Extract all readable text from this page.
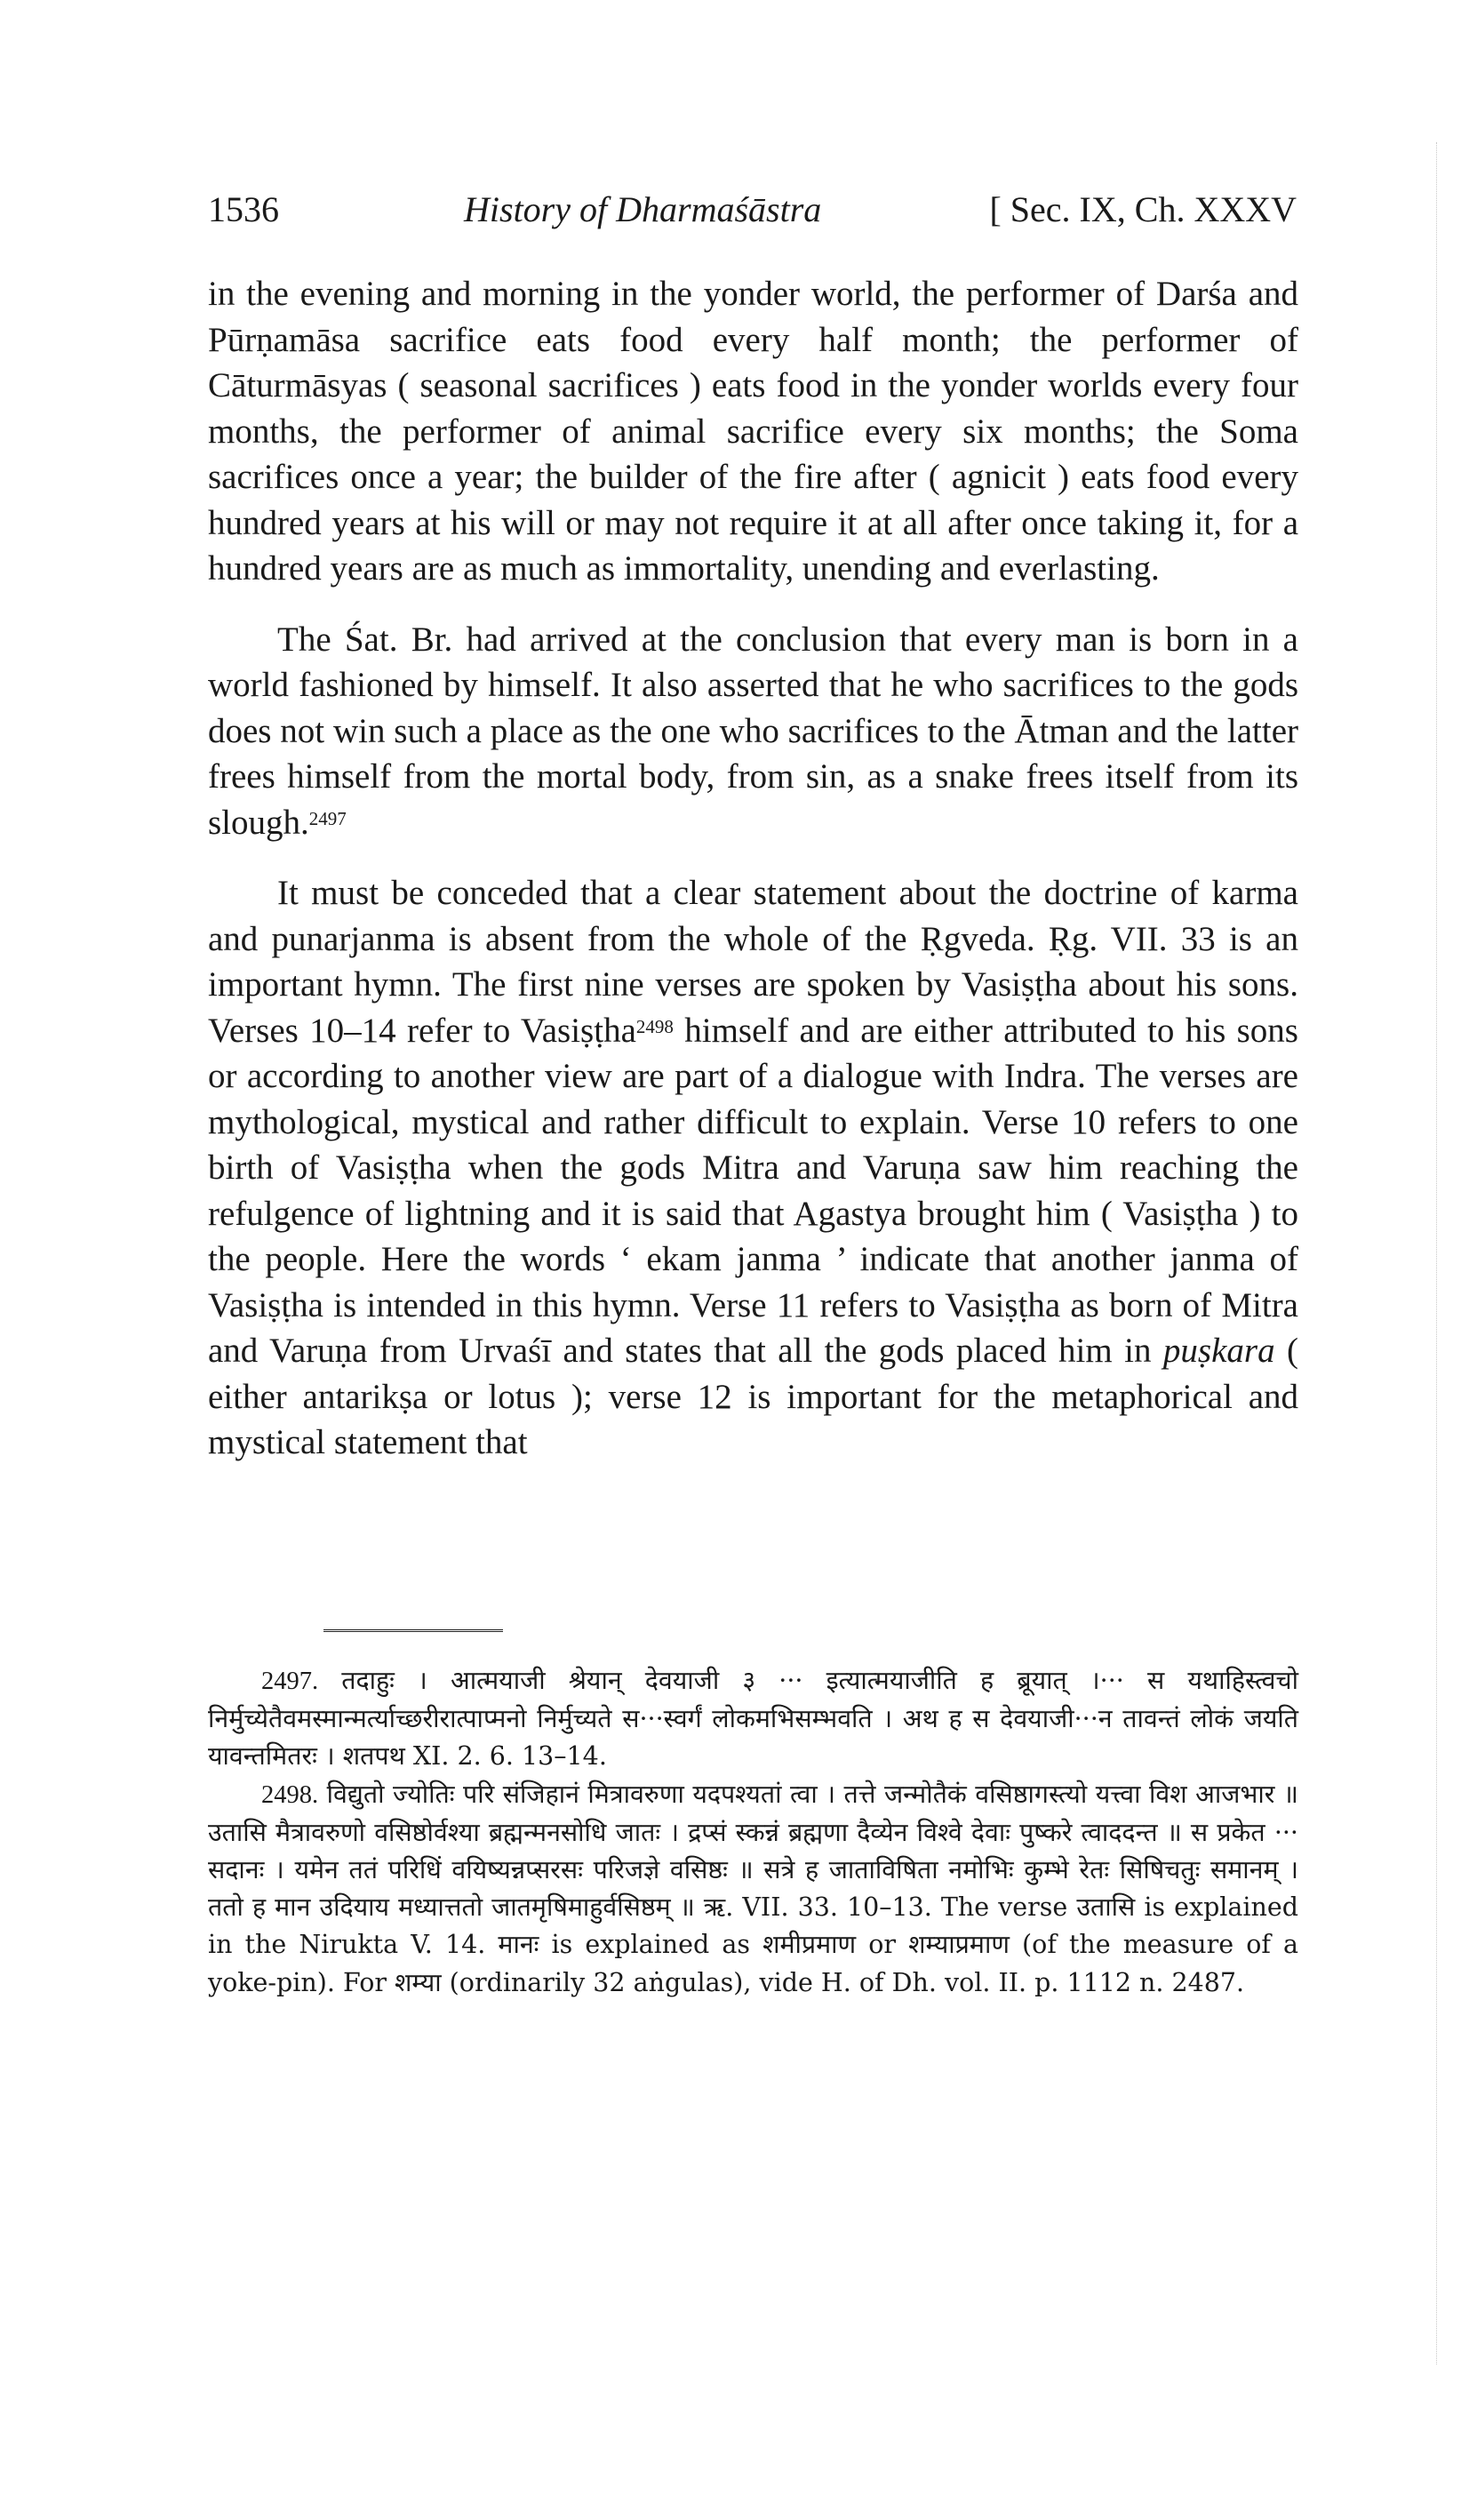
1536	History of Dharmaśāstra	[ Sec. IX, Ch. XXXV

in the evening and morning in the yonder world, the performer of Darśa and Pūrṇamāsa sacrifice eats food every half month; the performer of Cāturmāsyas ( seasonal sacrifices ) eats food in the yonder worlds every four months, the performer of animal sacrifice every six months; the Soma sacrifices once a year; the builder of the fire after ( agnicit ) eats food every hundred years at his will or may not require it at all after once taking it, for a hundred years are as much as immortality, unending and everlasting.

The Śat. Br. had arrived at the conclusion that every man is born in a world fashioned by himself. It also asserted that he who sacrifices to the gods does not win such a place as the one who sacrifices to the Ātman and the latter frees himself from the mortal body, from sin, as a snake frees itself from its slough.$^{2497}$

It must be conceded that a clear statement about the doctrine of karma and punarjanma is absent from the whole of the Ṛgveda. Ṛg. VII. 33 is an important hymn. The first nine verses are spoken by Vasiṣṭha about his sons. Verses 10–14 refer to Vasiṣṭha$^{2498}$ himself and are either attributed to his sons or according to another view are part of a dialogue with Indra. The verses are mythological, mystical and rather difficult to explain. Verse 10 refers to one birth of Vasiṣṭha when the gods Mitra and Varuṇa saw him reaching the refulgence of lightning and it is said that Agastya brought him ( Vasiṣṭha ) to the people. Here the words ‘ ekam janma ’ indicate that another janma of Vasiṣṭha is intended in this hymn. Verse 11 refers to Vasiṣṭha as born of Mitra and Varuṇa from Urvaśī and states that all the gods placed him in puṣkara ( either antarikṣa or lotus ); verse 12 is important for the metaphorical and mystical statement that

2497. तदाहुः । आत्मयाजी श्रेयान् देवयाजी ३ ··· इत्यात्मयाजीति ह ब्रूयात् ।··· स यथाहिस्त्वचो निर्मुच्येतैवमस्मान्मर्त्याच्छरीरात्पाप्मनो निर्मुच्यते स···स्वर्गं लोकमभिसम्भवति । अथ ह स देवयाजी···न तावन्तं लोकं जयति यावन्तमितरः । शतपथ XI. 2. 6. 13–14.

2498. विद्युतो ज्योतिः परि संजिहानं मित्रावरुणा यदपश्यतां त्वा । तत्ते जन्मोतैकं वसिष्ठागस्त्यो यत्त्वा विश आजभार ॥ उतासि मैत्रावरुणो वसिष्ठोर्वश्या ब्रह्मन्मनसोधि जातः । द्रप्सं स्कन्नं ब्रह्मणा दैव्येन विश्वे देवाः पुष्करे त्वाददन्त ॥ स प्रकेत ··· सदानः । यमेन ततं परिधिं वयिष्यन्नप्सरसः परिजज्ञे वसिष्ठः ॥ सत्रे ह जाताविषिता नमोभिः कुम्भे रेतः सिषिचतुः समानम् । ततो ह मान उदियाय मध्यात्ततो जातमृषिमाहुर्वसिष्ठम् ॥ ऋ. VII. 33. 10–13. The verse उतासि is explained in the Nirukta V. 14. मानः is explained as शमीप्रमाण or शम्याप्रमाण (of the measure of a yoke-pin). For शम्या (ordinarily 32 aṅgulas), vide H. of Dh. vol. II. p. 1112 n. 2487.
